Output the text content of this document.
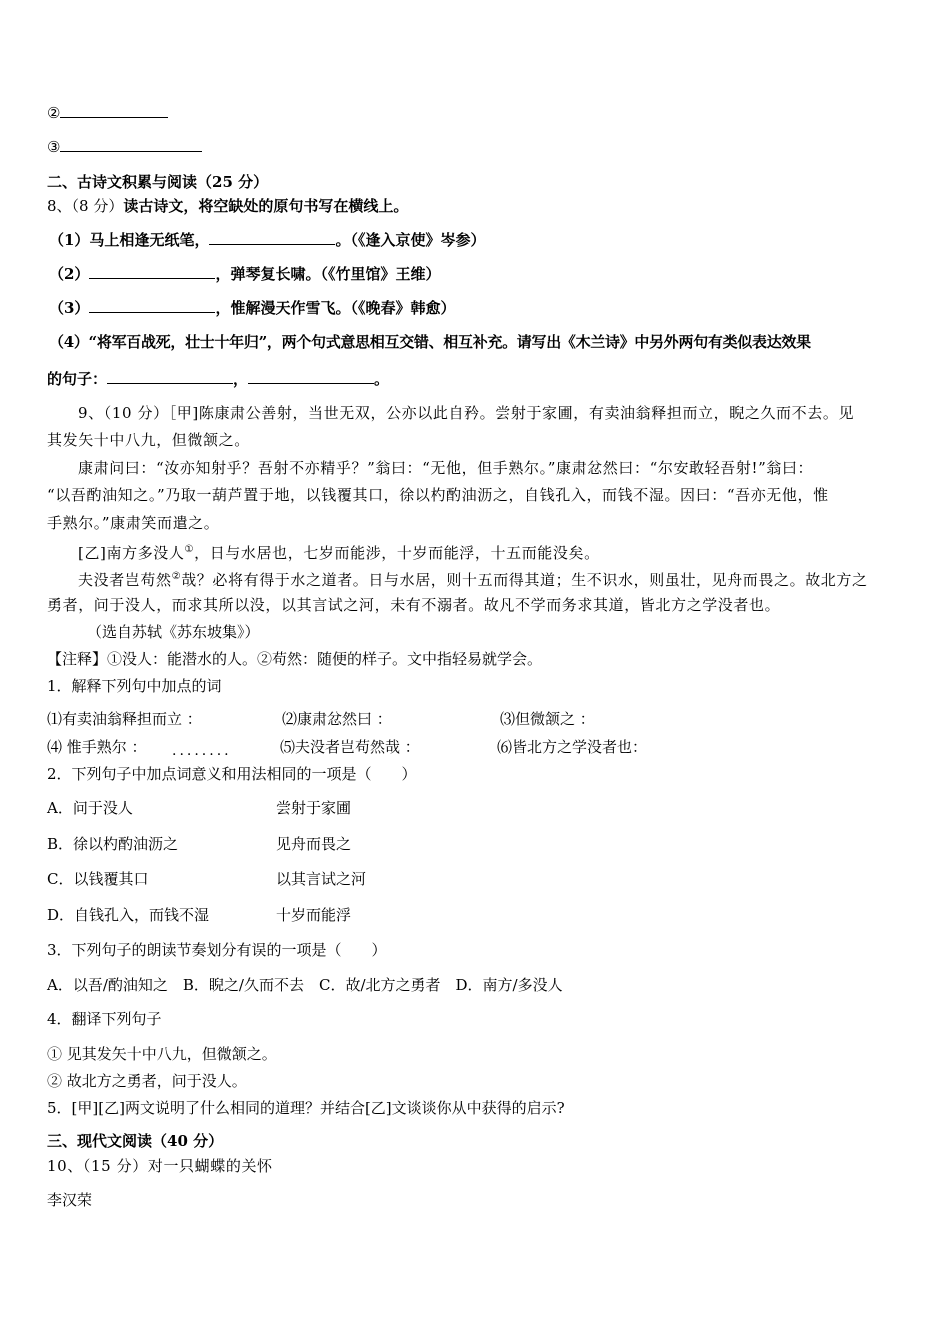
②
③
二、古诗文积累与阅读（25 分）
8、（8 分）读古诗文，将空缺处的原句书写在横线上。
（1）马上相逢无纸笔，	。（《逢入京使》岑参）
（2）	，弹琴复长啸。（《竹里馆》王维）
（3）	，惟解漫天作雪飞。（《晚春》韩愈）
（4）“将军百战死，壮士十年归”，两个句式意思相互交错、相互补充。请写出《木兰诗》中另外两句有类似表达效果
的句子：	，	。
9、（10 分）［甲]陈康肃公善射，当世无双，公亦以此自矜。尝射于家圃，有卖油翁释担而立，睨之久而不去。见
其发矢十中八九，但微颔之。
康肃问曰：“汝亦知射乎？吾射不亦精乎？”翁曰：“无他，但手熟尔。”康肃忿然曰：“尔安敢轻吾射!”翁曰：
“以吾酌油知之。”乃取一葫芦置于地，以钱覆其口，徐以杓酌油沥之，自钱孔入，而钱不湿。因曰：“吾亦无他，惟
手熟尔。”康肃笑而遣之。
[乙]南方多没人①，日与水居也，七岁而能涉，十岁而能浮，十五而能没矣。
夫没者岂苟然②哉？必将有得于水之道者。日与水居，则十五而得其道；生不识水，则虽壮，见舟而畏之。故北方之
勇者，问于没人，而求其所以没，以其言试之河，未有不溺者。故凡不学而务求其道，皆北方之学没者也。
（选自苏轼《苏东坡集》）
【注释】①没人：能潜水的人。②苟然：随便的样子。文中指轻易就学会。
1．解释下列句中加点的词
⑴有卖油翁释担而立 ：	⑵康肃忿然曰 ：	⑶但微颔之 ：
⑷ 惟手熟尔 ： ........	⑸夫没者岂苟然哉 ：	⑹皆北方之学没者也：
2．下列句子中加点词意义和用法相同的一项是（　　）
A．问于没人	尝射于家圃
B．徐以杓酌油沥之	见舟而畏之
C．以钱覆其口	以其言试之河
D．自钱孔入，而钱不湿	十岁而能浮
3．下列句子的朗读节奏划分有误的一项是（　　）
A．以吾/酌油知之　B．睨之/久而不去　C．故/北方之勇者　D．南方/多没人
4．翻译下列句子
① 见其发矢十中八九，但微颔之。
② 故北方之勇者，问于没人。
5．[甲][乙]两文说明了什么相同的道理？并结合[乙]文谈谈你从中获得的启示?
三、现代文阅读（40 分）
10、（15 分）对一只蝴蝶的关怀
李汉荣
